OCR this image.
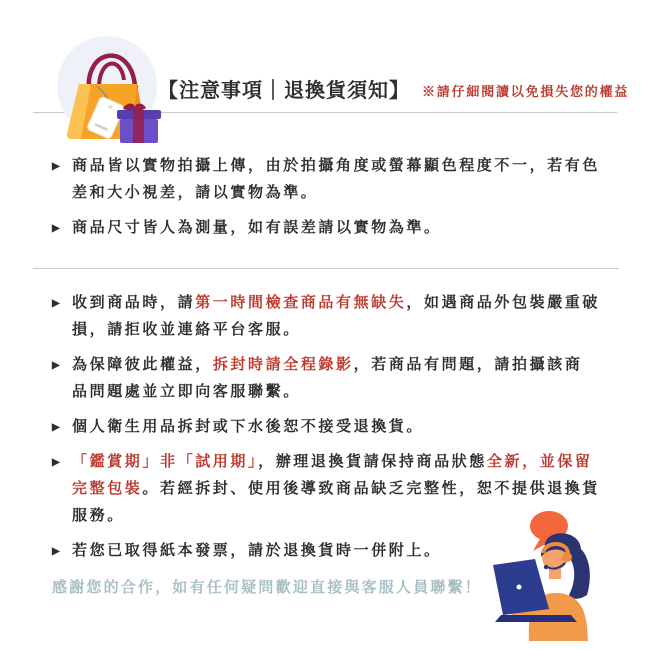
【注意事項｜退換貨須知】 ※請仔細閱讀以免損失您的權益
▶ 商品皆以實物拍攝上傳，由於拍攝角度或螢幕顯色程度不一，若有色差和大小視差，請以實物為準。
▶ 商品尺寸皆人為測量，如有誤差請以實物為準。
▶ 收到商品時，請第一時間檢查商品有無缺失，如遇商品外包裝嚴重破損，請拒收並連絡平台客服。
▶ 為保障彼此權益，拆封時請全程錄影，若商品有問題，請拍攝該商品問題處並立即向客服聯繫。
▶ 個人衛生用品拆封或下水後恕不接受退換貨。
▶ 「鑑賞期」非「試用期」，辦理退換貨請保持商品狀態全新，並保留完整包裝。若經拆封、使用後導致商品缺乏完整性，恕不提供退換貨服務。
▶ 若您已取得紙本發票，請於退換貨時一併附上。
感謝您的合作，如有任何疑問歡迎直接與客服人員聯繫！
